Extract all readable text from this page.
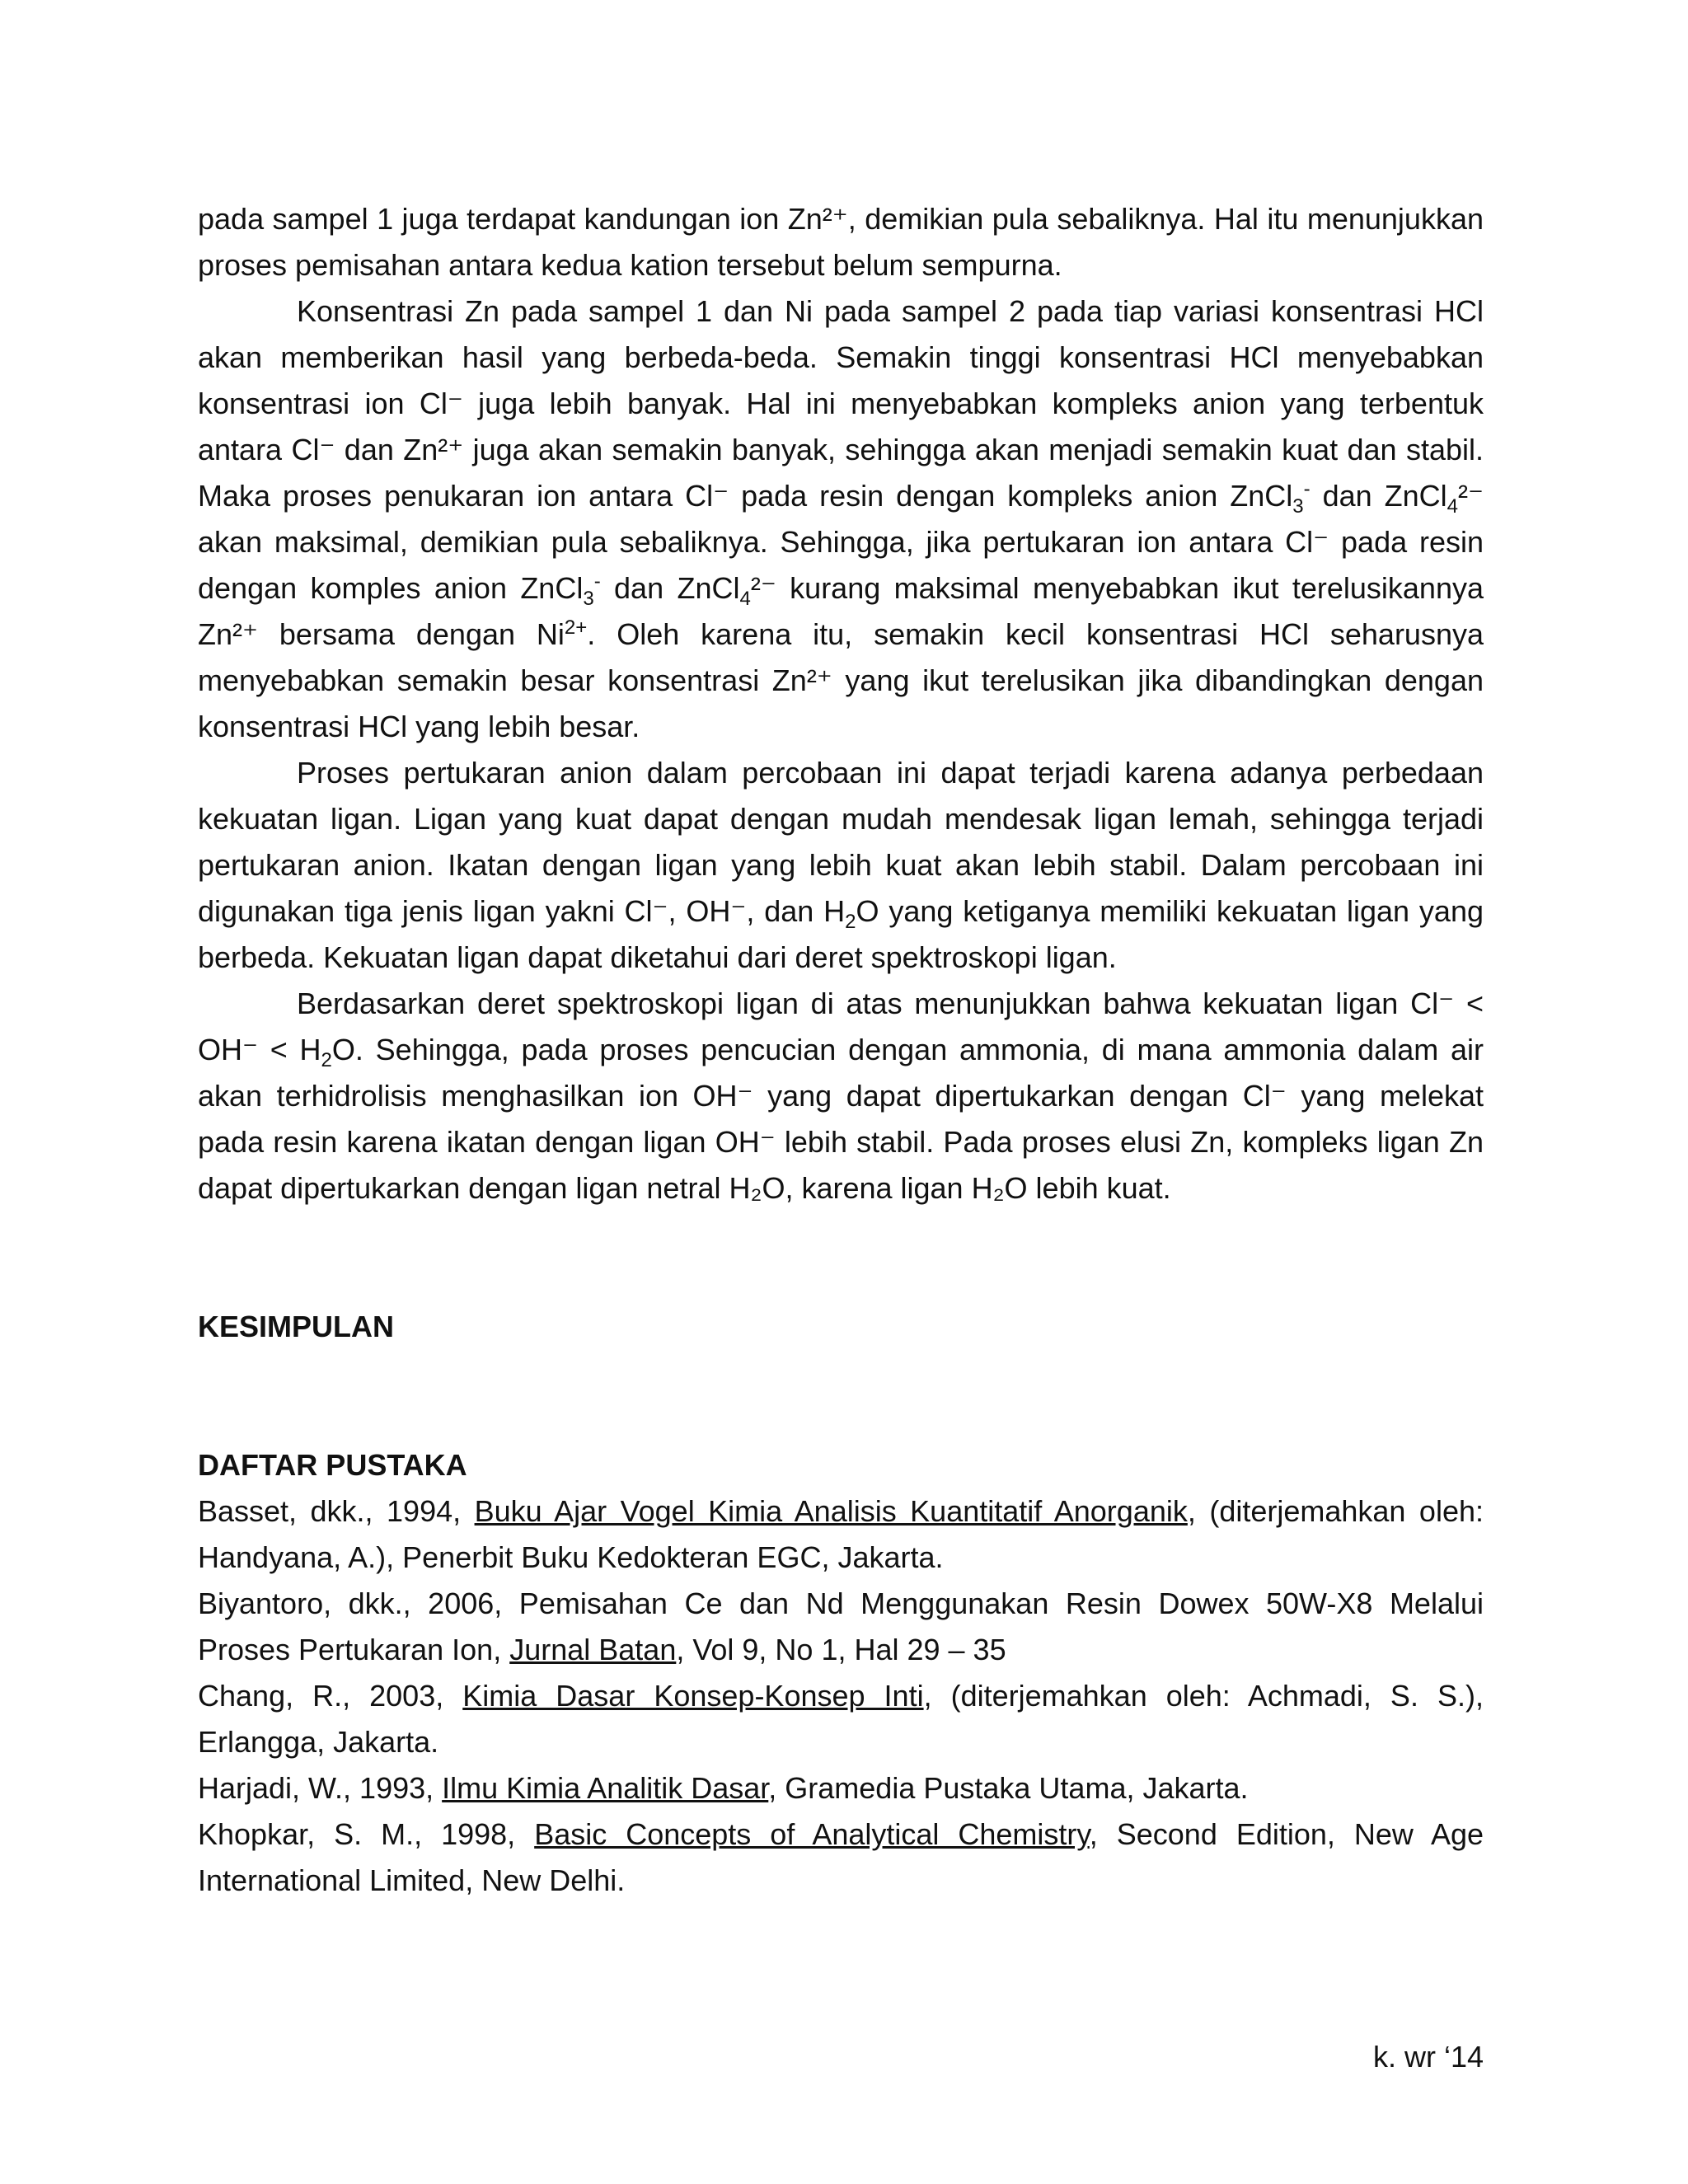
pada sampel 1 juga terdapat kandungan ion Zn²⁺, demikian pula sebaliknya. Hal itu menunjukkan proses pemisahan antara kedua kation tersebut belum sempurna.

Konsentrasi Zn pada sampel 1 dan Ni pada sampel 2 pada tiap variasi konsentrasi HCl akan memberikan hasil yang berbeda-beda. Semakin tinggi konsentrasi HCl menyebabkan konsentrasi ion Cl⁻ juga lebih banyak. Hal ini menyebabkan kompleks anion yang terbentuk antara Cl⁻ dan Zn²⁺ juga akan semakin banyak, sehingga akan menjadi semakin kuat dan stabil. Maka proses penukaran ion antara Cl⁻ pada resin dengan kompleks anion ZnCl$_3$- dan ZnCl$_4$²⁻ akan maksimal, demikian pula sebaliknya. Sehingga, jika pertukaran ion antara Cl⁻ pada resin dengan komples anion ZnCl$_3$- dan ZnCl$_4$²⁻ kurang maksimal menyebabkan ikut terelusikannya Zn²⁺ bersama dengan $Ni^{2+}$. Oleh karena itu, semakin kecil konsentrasi HCl seharusnya menyebabkan semakin besar konsentrasi Zn²⁺ yang ikut terelusikan jika dibandingkan dengan konsentrasi HCl yang lebih besar.

Proses pertukaran anion dalam percobaan ini dapat terjadi karena adanya perbedaan kekuatan ligan. Ligan yang kuat dapat dengan mudah mendesak ligan lemah, sehingga terjadi pertukaran anion. Ikatan dengan ligan yang lebih kuat akan lebih stabil. Dalam percobaan ini digunakan tiga jenis ligan yakni Cl⁻, OH⁻, dan $H_2O$ yang ketiganya memiliki kekuatan ligan yang berbeda. Kekuatan ligan dapat diketahui dari deret spektroskopi ligan.

Berdasarkan deret spektroskopi ligan di atas menunjukkan bahwa kekuatan ligan $Cl^- < OH^- < H_2O$. Sehingga, pada proses pencucian dengan ammonia, di mana ammonia dalam air akan terhidrolisis menghasilkan ion OH⁻ yang dapat dipertukarkan dengan Cl⁻ yang melekat pada resin karena ikatan dengan ligan OH⁻ lebih stabil. Pada proses elusi Zn, kompleks ligan Zn dapat dipertukarkan dengan ligan netral H₂O, karena ligan H₂O lebih kuat.

KESIMPULAN

DAFTAR PUSTAKA

Basset, dkk., 1994, Buku Ajar Vogel Kimia Analisis Kuantitatif Anorganik, (diterjemahkan oleh: Handyana, A.), Penerbit Buku Kedokteran EGC, Jakarta.

Biyantoro, dkk., 2006, Pemisahan Ce dan Nd Menggunakan Resin Dowex 50W-X8 Melalui Proses Pertukaran Ion, Jurnal Batan, Vol 9, No 1, Hal 29 – 35

Chang, R., 2003, Kimia Dasar Konsep-Konsep Inti, (diterjemahkan oleh: Achmadi, S. S.), Erlangga, Jakarta.

Harjadi, W., 1993, Ilmu Kimia Analitik Dasar, Gramedia Pustaka Utama, Jakarta.

Khopkar, S. M., 1998, Basic Concepts of Analytical Chemistry, Second Edition, New Age International Limited, New Delhi.

k. wr ‘14
